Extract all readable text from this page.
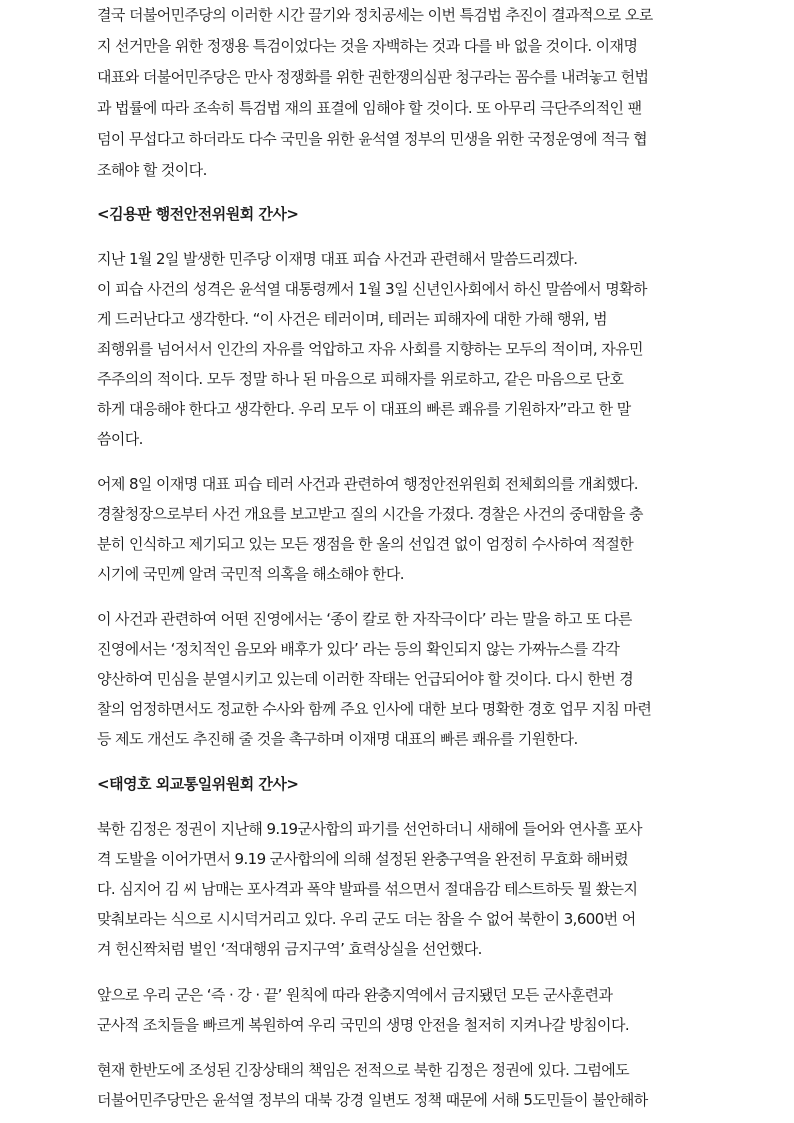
결국 더불어민주당의 이러한 시간 끌기와 정치공세는 이번 특검법 추진이 결과적으로 오로
지 선거만을 위한 정쟁용 특검이었다는 것을 자백하는 것과 다를 바 없을 것이다. 이재명
대표와 더불어민주당은 만사 정쟁화를 위한 권한쟁의심판 청구라는 꼼수를 내려놓고 헌법
과 법률에 따라 조속히 특검법 재의 표결에 임해야 할 것이다. 또 아무리 극단주의적인 팬
덤이 무섭다고 하더라도 다수 국민을 위한 윤석열 정부의 민생을 위한 국정운영에 적극 협
조해야 할 것이다.
<김용판 행전안전위원회 간사>
지난 1월 2일 발생한 민주당 이재명 대표 피습 사건과 관련해서 말씀드리겠다.
이 피습 사건의 성격은 윤석열 대통령께서 1월 3일 신년인사회에서 하신 말씀에서 명확하
게 드러난다고 생각한다. “이 사건은 테러이며, 테러는 피해자에 대한 가해 행위, 범
죄행위를 넘어서서 인간의 자유를 억압하고 자유 사회를 지향하는 모두의 적이며, 자유민
주주의의 적이다. 모두 정말 하나 된 마음으로 피해자를 위로하고, 같은 마음으로 단호
하게 대응해야 한다고 생각한다. 우리 모두 이 대표의 빠른 쾌유를 기원하자”라고 한 말
씀이다.
어제 8일 이재명 대표 피습 테러 사건과 관련하여 행정안전위원회 전체회의를 개최했다.
경찰청장으로부터 사건 개요를 보고받고 질의 시간을 가졌다. 경찰은 사건의 중대함을 충
분히 인식하고 제기되고 있는 모든 쟁점을 한 올의 선입견 없이 엄정히 수사하여 적절한
시기에 국민께 알려 국민적 의혹을 해소해야 한다.
이 사건과 관련하여 어떤 진영에서는 ‘종이 칼로 한 자작극이다’ 라는 말을 하고 또 다른
진영에서는 ‘정치적인 음모와 배후가 있다’ 라는 등의 확인되지 않는 가짜뉴스를 각각
양산하여 민심을 분열시키고 있는데 이러한 작태는 언급되어야 할 것이다. 다시 한번 경
찰의 엄정하면서도 정교한 수사와 함께 주요 인사에 대한 보다 명확한 경호 업무 지침 마련
등 제도 개선도 추진해 줄 것을 촉구하며 이재명 대표의 빠른 쾌유를 기원한다.
<태영호 외교통일위원회 간사>
북한 김정은 정권이 지난해 9.19군사합의 파기를 선언하더니 새해에 들어와 연사흘 포사
격 도발을 이어가면서 9.19 군사합의에 의해 설정된 완충구역을 완전히 무효화 해버렸
다. 심지어 김 씨 남매는 포사격과 폭약 발파를 섞으면서 절대음감 테스트하듯 뭘 쐈는지
맞춰보라는 식으로 시시덕거리고 있다. 우리 군도 더는 참을 수 없어 북한이 3,600번 어
겨 헌신짝처럼 벌인 ‘적대행위 금지구역’ 효력상실을 선언했다.
앞으로 우리 군은 ‘즉 · 강 · 끝’ 원칙에 따라 완충지역에서 금지됐던 모든 군사훈련과
군사적 조치들을 빠르게 복원하여 우리 국민의 생명 안전을 철저히 지켜나갈 방침이다.
현재 한반도에 조성된 긴장상태의 책임은 전적으로 북한 김정은 정권에 있다. 그럼에도
더불어민주당만은 윤석열 정부의 대북 강경 일변도 정책 때문에 서해 5도민들이 불안해하
